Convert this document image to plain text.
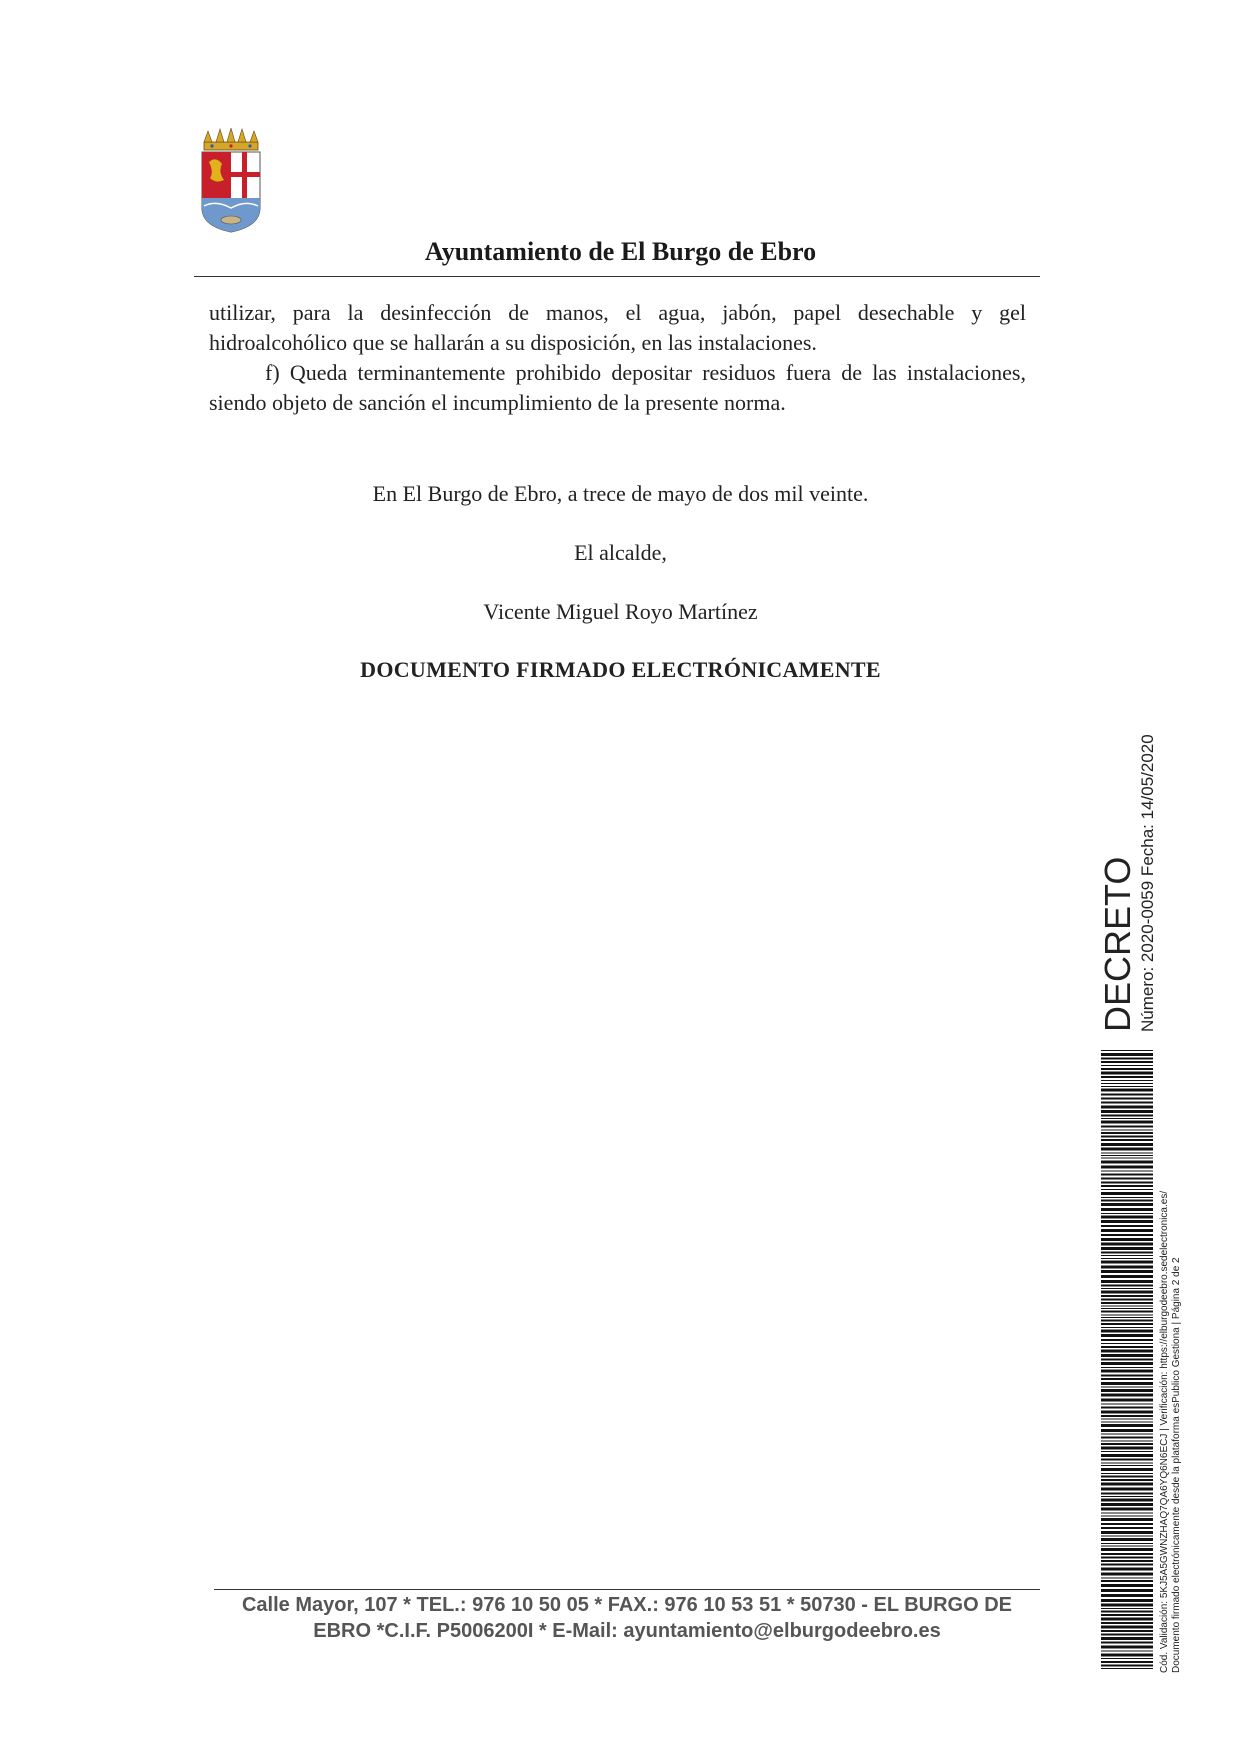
Ayuntamiento de El Burgo de Ebro

utilizar, para la desinfección de manos, el agua, jabón, papel desechable y gel hidroalcohólico que se hallarán a su disposición, en las instalaciones.

f) Queda terminantemente prohibido depositar residuos fuera de las instalaciones, siendo objeto de sanción el incumplimiento de la presente norma.

En El Burgo de Ebro, a trece de mayo de dos mil veinte.
El alcalde,
Vicente Miguel Royo Martínez
DOCUMENTO FIRMADO ELECTRÓNICAMENTE
Calle Mayor, 107 * TEL.: 976 10 50 05 * FAX.: 976 10 53 51 * 50730 - EL BURGO DE
EBRO *C.I.F. P5006200I * E-Mail: ayuntamiento@elburgodeebro.es
DECRETO Número: 2020-0059 Fecha: 14/05/2020
Cód. Validación: 5KJ5A5GWNZHAQ7QA6YQ6N6ECJ | Verificación: https://elburgodeebro.sedelectronica.es/ Documento firmado electrónicamente desde la plataforma esPublico Gestiona | Página 2 de 2
